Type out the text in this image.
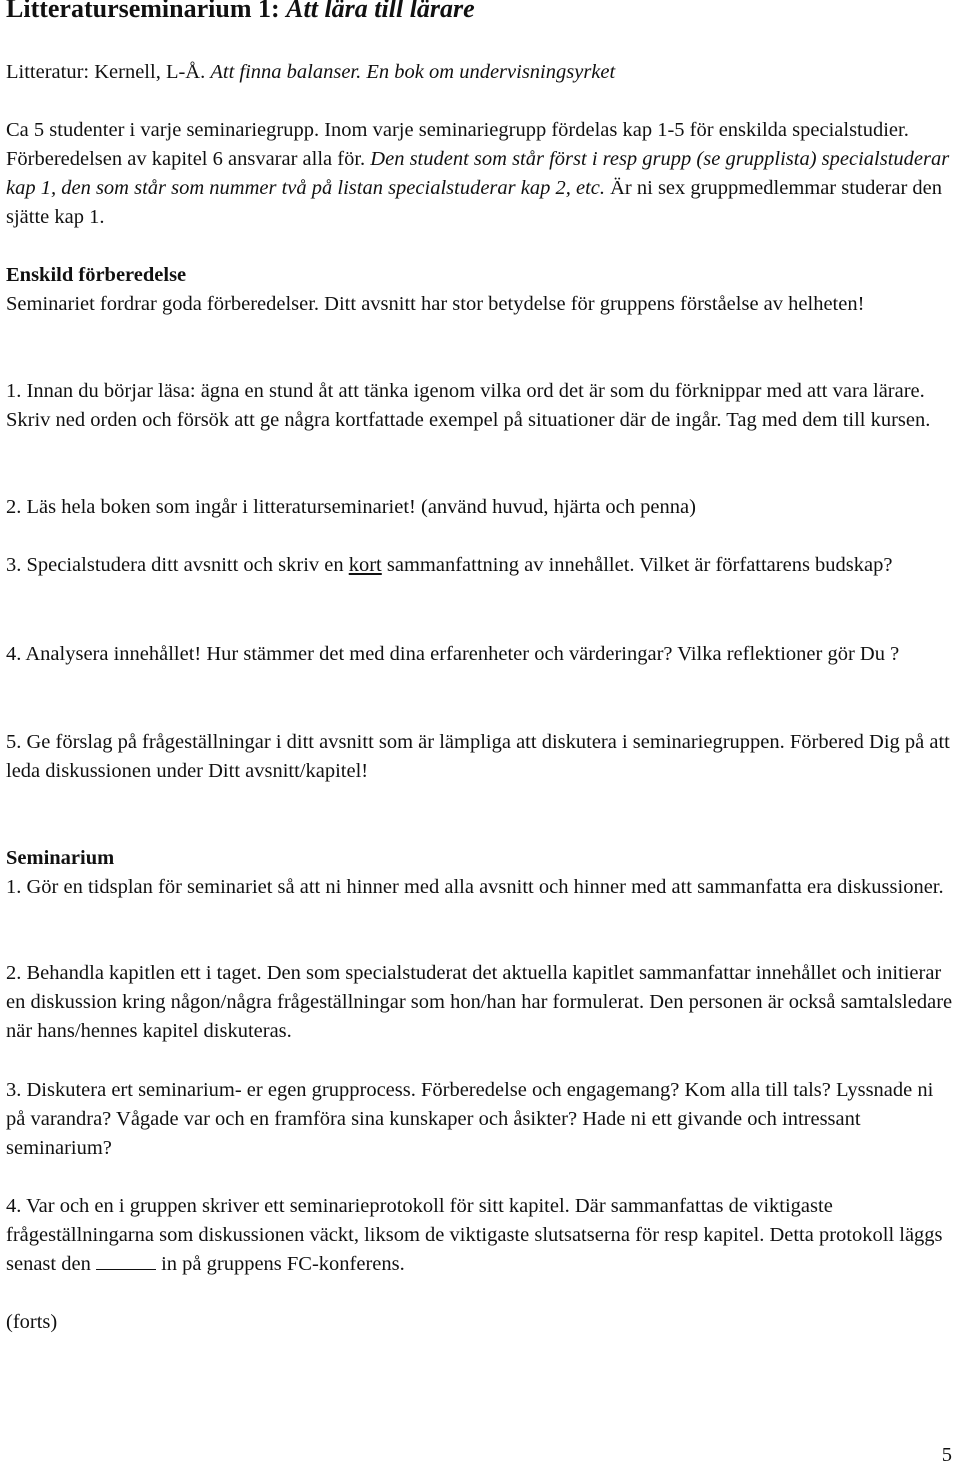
Litteraturseminarium 1: Att lära till lärare

Litteratur: Kernell, L-Å. Att finna balanser. En bok om undervisningsyrket

Ca 5 studenter i varje seminariegrupp. Inom varje seminariegrupp fördelas kap 1-5 för enskilda specialstudier. Förberedelsen av kapitel 6 ansvarar alla för. Den student som står först i resp grupp (se grupplista) specialstuderar kap 1, den som står som nummer två på listan specialstuderar kap 2, etc. Är ni sex gruppmedlemmar studerar den sjätte kap 1.

Enskild förberedelse

Seminariet fordrar goda förberedelser. Ditt avsnitt har stor betydelse för gruppens förståelse av helheten!

1. Innan du börjar läsa: ägna en stund åt att tänka igenom vilka ord det är som du förknippar med att vara lärare. Skriv ned orden och försök att ge några kortfattade exempel på situationer där de ingår. Tag med dem till kursen.

2. Läs hela boken som ingår i litteraturseminariet! (använd huvud, hjärta och penna)

3. Specialstudera ditt avsnitt och skriv en kort sammanfattning av innehållet. Vilket är författarens budskap?

4. Analysera innehållet! Hur stämmer det med dina erfarenheter och värderingar? Vilka reflektioner gör Du ?

5. Ge förslag på frågeställningar i ditt avsnitt som är lämpliga att diskutera i seminariegruppen. Förbered Dig på att leda diskussionen under Ditt avsnitt/kapitel!

Seminarium

1. Gör en tidsplan för seminariet så att ni hinner med alla avsnitt och hinner med att sammanfatta era diskussioner.

2. Behandla kapitlen ett i taget. Den som specialstuderat det aktuella kapitlet sammanfattar innehållet och initierar en diskussion kring någon/några frågeställningar som hon/han har formulerat. Den personen är också samtalsledare när hans/hennes kapitel diskuteras.

3. Diskutera ert seminarium- er egen grupprocess. Förberedelse och engagemang? Kom alla till tals? Lyssnade ni på varandra? Vågade var och en framföra sina kunskaper och åsikter? Hade ni ett givande och intressant seminarium?

4. Var och en i gruppen skriver ett seminarieprotokoll för sitt kapitel. Där sammanfattas de viktigaste frågeställningarna som diskussionen väckt, liksom de viktigaste slutsatserna för resp kapitel. Detta protokoll läggs senast den	in på gruppens FC-konferens.

(forts)

5
